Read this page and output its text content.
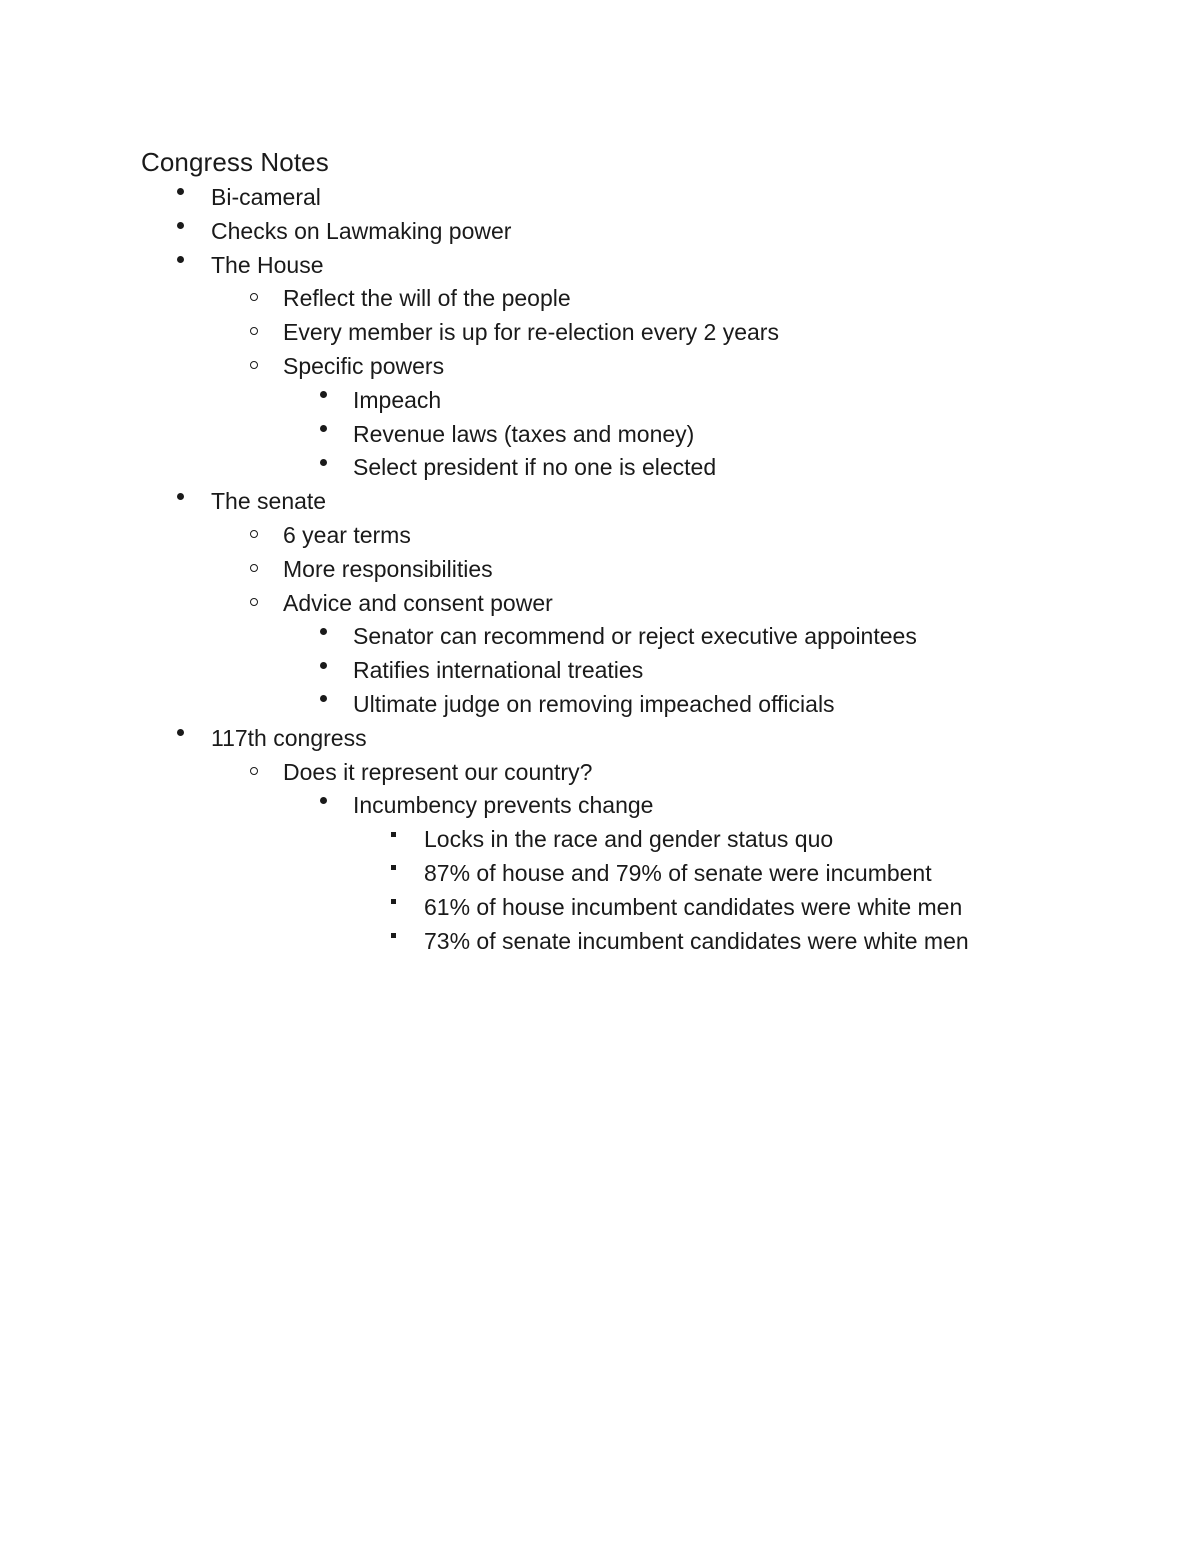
Congress Notes
Bi-cameral
Checks on Lawmaking power
The House
Reflect the will of the people
Every member is up for re-election every 2 years
Specific powers
Impeach
Revenue laws (taxes and money)
Select president if no one is elected
The senate
6 year terms
More responsibilities
Advice and consent power
Senator can recommend or reject executive appointees
Ratifies international treaties
Ultimate judge on removing impeached officials
117th congress
Does it represent our country?
Incumbency prevents change
Locks in the race and gender status quo
87% of house and 79% of senate were incumbent
61% of house incumbent candidates were white men
73% of senate incumbent candidates were white men
